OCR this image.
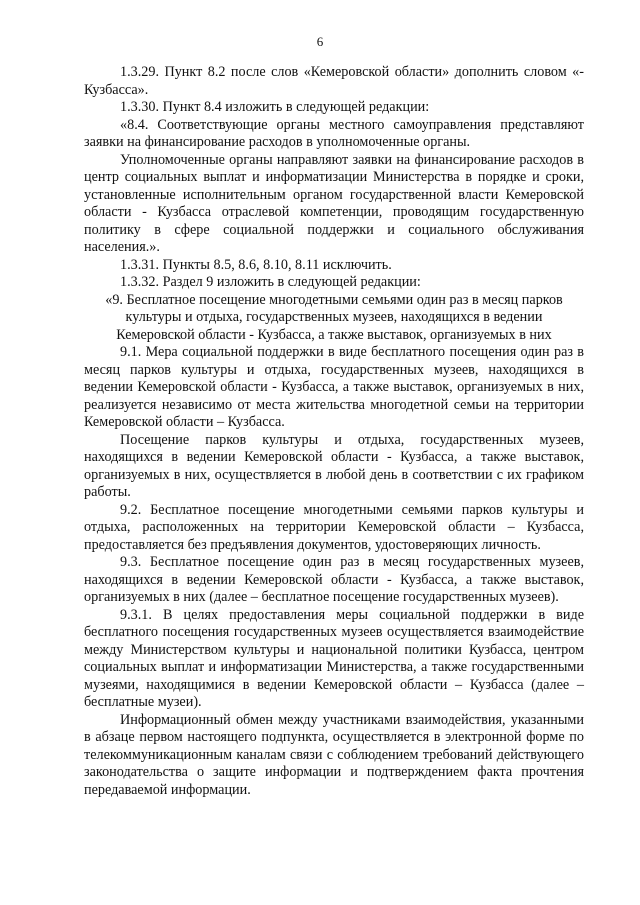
6

1.3.29. Пункт 8.2 после слов «Кемеровской области» дополнить словом «- Кузбасса».

1.3.30. Пункт 8.4 изложить в следующей редакции:

«8.4. Соответствующие органы местного самоуправления представляют заявки на финансирование расходов в уполномоченные органы.

Уполномоченные органы направляют заявки на финансирование расходов в центр социальных выплат и информатизации Министерства в порядке и сроки, установленные исполнительным органом государственной власти Кемеровской области - Кузбасса отраслевой компетенции, проводящим государственную политику в сфере социальной поддержки и социального обслуживания населения.».

1.3.31. Пункты 8.5, 8.6, 8.10, 8.11 исключить.

1.3.32. Раздел 9 изложить в следующей редакции:

«9. Бесплатное посещение многодетными семьями один раз в месяц парков

культуры и отдыха, государственных музеев, находящихся в ведении

Кемеровской области - Кузбасса, а также выставок, организуемых в них

9.1. Мера социальной поддержки в виде бесплатного посещения один раз в месяц парков культуры и отдыха, государственных музеев, находящихся в ведении Кемеровской области - Кузбасса, а также выставок, организуемых в них, реализуется независимо от места жительства многодетной семьи на территории Кемеровской области – Кузбасса.

Посещение парков культуры и отдыха, государственных музеев, находящихся в ведении Кемеровской области - Кузбасса, а также выставок, организуемых в них, осуществляется в любой день в соответствии с их графиком работы.

9.2. Бесплатное посещение многодетными семьями парков культуры и отдыха, расположенных на территории Кемеровской области – Кузбасса, предоставляется без предъявления документов, удостоверяющих личность.

9.3. Бесплатное посещение один раз в месяц государственных музеев, находящихся в ведении Кемеровской области - Кузбасса, а также выставок, организуемых в них (далее – бесплатное посещение государственных музеев).

9.3.1. В целях предоставления меры социальной поддержки в виде бесплатного посещения государственных музеев осуществляется взаимодействие между Министерством культуры и национальной политики Кузбасса, центром социальных выплат и информатизации Министерства, а также государственными музеями, находящимися в ведении Кемеровской области – Кузбасса (далее – бесплатные музеи).

Информационный обмен между участниками взаимодействия, указанными в абзаце первом настоящего подпункта, осуществляется в электронной форме по телекоммуникационным каналам связи с соблюдением требований действующего законодательства о защите информации и подтверждением факта прочтения передаваемой информации.
